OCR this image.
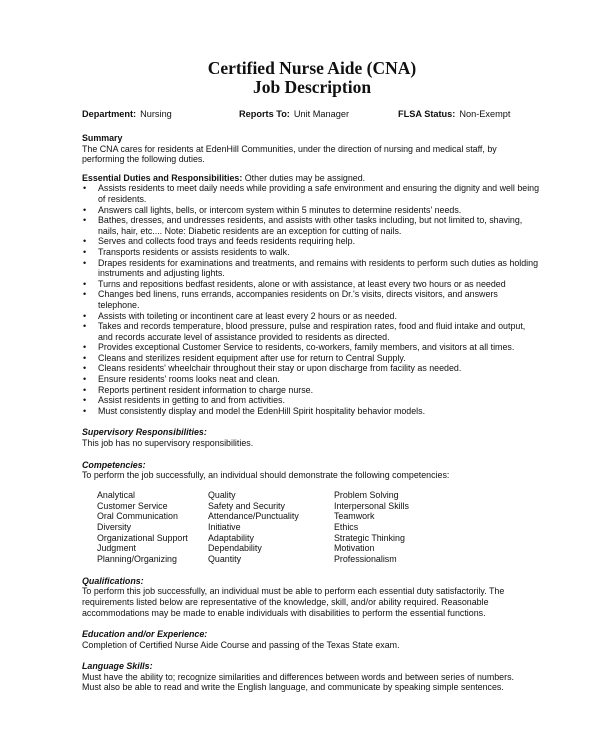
Certified Nurse Aide (CNA)
Job Description
Department: Nursing	Reports To: Unit Manager	FLSA Status: Non-Exempt
Summary
The CNA cares for residents at EdenHill Communities, under the direction of nursing and medical staff, by performing the following duties.
Essential Duties and Responsibilities: Other duties may be assigned.
• Assists residents to meet daily needs while providing a safe environment and ensuring the dignity and well being of residents.
• Answers call lights, bells, or intercom system within 5 minutes to determine residents' needs.
• Bathes, dresses, and undresses residents, and assists with other tasks including, but not limited to, shaving, nails, hair, etc.... Note: Diabetic residents are an exception for cutting of nails.
• Serves and collects food trays and feeds residents requiring help.
• Transports residents or assists residents to walk.
• Drapes residents for examinations and treatments, and remains with residents to perform such duties as holding instruments and adjusting lights.
• Turns and repositions bedfast residents, alone or with assistance, at least every two hours or as needed
• Changes bed linens, runs errands, accompanies residents on Dr.'s visits, directs visitors, and answers telephone.
• Assists with toileting or incontinent care at least every 2 hours or as needed.
• Takes and records temperature, blood pressure, pulse and respiration rates, food and fluid intake and output, and records accurate level of assistance provided to residents as directed.
• Provides exceptional Customer Service to residents, co-workers, family members, and visitors at all times.
• Cleans and sterilizes resident equipment after use for return to Central Supply.
• Cleans residents' wheelchair throughout their stay or upon discharge from facility as needed.
• Ensure residents' rooms looks neat and clean.
• Reports pertinent resident information to charge nurse.
• Assist residents in getting to and from activities.
• Must consistently display and model the EdenHill Spirit hospitality behavior models.
Supervisory Responsibilities:
This job has no supervisory responsibilities.
Competencies:
To perform the job successfully, an individual should demonstrate the following competencies:
Analytical	Quality	Problem Solving
Customer Service	Safety and Security	Interpersonal Skills
Oral Communication	Attendance/Punctuality	Teamwork
Diversity	Initiative	Ethics
Organizational Support	Adaptability	Strategic Thinking
Judgment	Dependability	Motivation
Planning/Organizing	Quantity	Professionalism
Qualifications:
To perform this job successfully, an individual must be able to perform each essential duty satisfactorily. The requirements listed below are representative of the knowledge, skill, and/or ability required. Reasonable accommodations may be made to enable individuals with disabilities to perform the essential functions.
Education and/or Experience:
Completion of Certified Nurse Aide Course and passing of the Texas State exam.
Language Skills:
Must have the ability to; recognize similarities and differences between words and between series of numbers.
Must also be able to read and write the English language, and communicate by speaking simple sentences.
